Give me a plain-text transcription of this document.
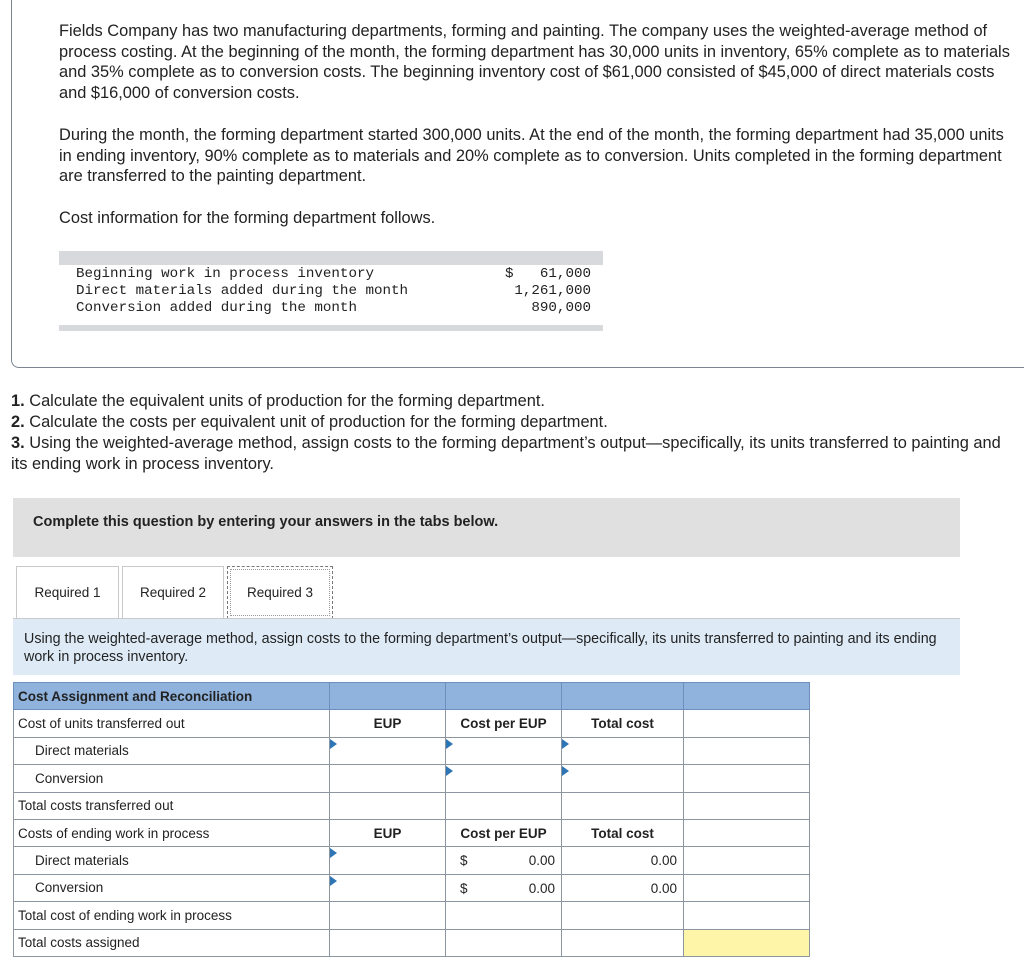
Fields Company has two manufacturing departments, forming and painting. The company uses the weighted-average method of process costing. At the beginning of the month, the forming department has 30,000 units in inventory, 65% complete as to materials and 35% complete as to conversion costs. The beginning inventory cost of $61,000 consisted of $45,000 of direct materials costs and $16,000 of conversion costs.

During the month, the forming department started 300,000 units. At the end of the month, the forming department had 35,000 units in ending inventory, 90% complete as to materials and 20% complete as to conversion. Units completed in the forming department are transferred to the painting department.

Cost information for the forming department follows.

Beginning work in process inventory	$ 61,000
Direct materials added during the month	1,261,000
Conversion added during the month	890,000

1. Calculate the equivalent units of production for the forming department.

2. Calculate the costs per equivalent unit of production for the forming department.

3. Using the weighted-average method, assign costs to the forming department’s output—specifically, its units transferred to painting and its ending work in process inventory.

Complete this question by entering your answers in the tabs below.
Required 1	Required 2	Required 3

Using the weighted-average method, assign costs to the forming department’s output—specifically, its units transferred to painting and its ending work in process inventory.

Cost Assignment and Reconciliation				
Cost of units transferred out	EUP	Cost per EUP	Total cost	
Direct materials	

Conversion		

Total costs transferred out				
Costs of ending work in process	EUP	Cost per EUP	Total cost	
Direct materials		$ 0.00	0.00	

Conversion		$ 0.00	0.00	

Total cost of ending work in process				
Total costs assigned				
